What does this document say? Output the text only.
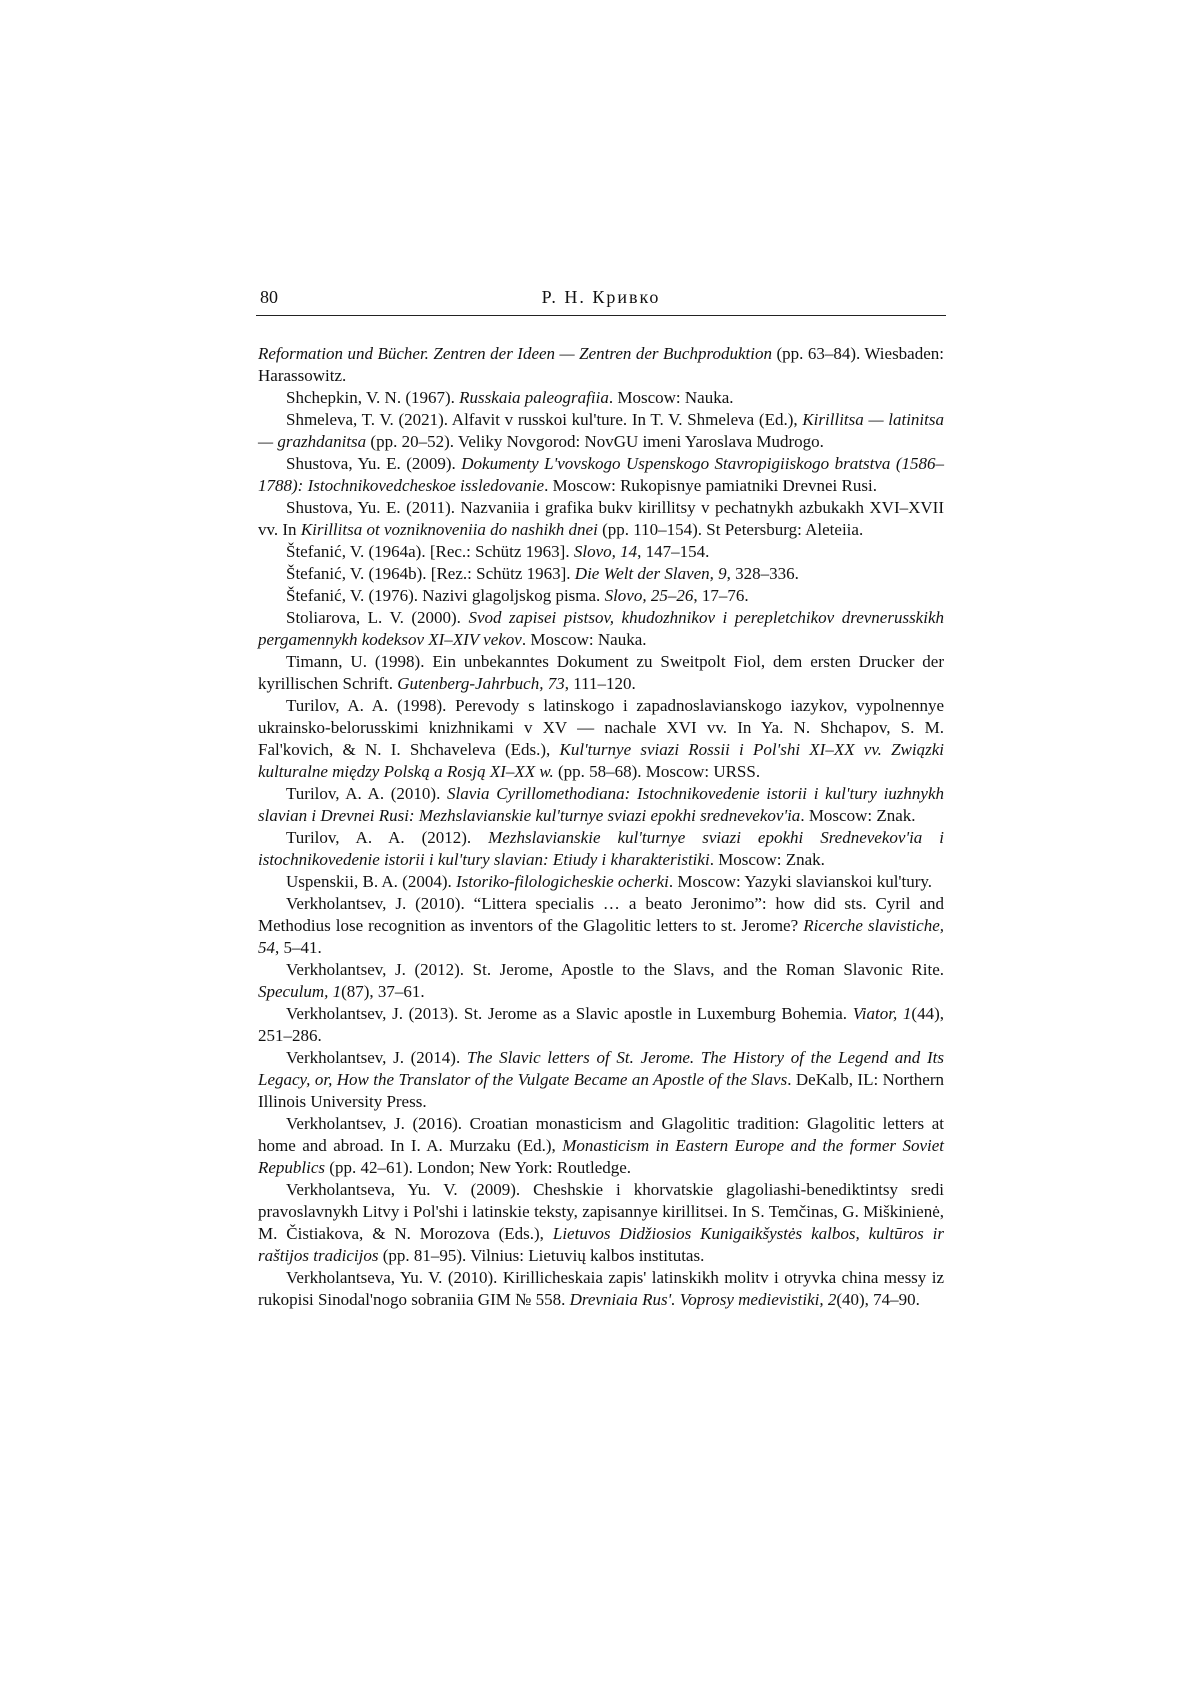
80	Р. Н. Кривко

Reformation und Bücher. Zentren der Ideen — Zentren der Buchproduktion (pp. 63–84). Wiesbaden: Harassowitz.

Shchepkin, V. N. (1967). Russkaia paleografiia. Moscow: Nauka.

Shmeleva, T. V. (2021). Alfavit v russkoi kul'ture. In T. V. Shmeleva (Ed.), Kirillitsa — latinitsa — grazhdanitsa (pp. 20–52). Veliky Novgorod: NovGU imeni Yaroslava Mudrogo.

Shustova, Yu. E. (2009). Dokumenty L'vovskogo Uspenskogo Stavropigiiskogo bratstva (1586–1788): Istochnikovedcheskoe issledovanie. Moscow: Rukopisnye pamiatniki Drevnei Rusi.

Shustova, Yu. E. (2011). Nazvaniia i grafika bukv kirillitsy v pechatnykh azbukakh XVI–XVII vv. In Kirillitsa ot vozniknoveniia do nashikh dnei (pp. 110–154). St Petersburg: Aleteiia.

Štefanić, V. (1964a). [Rec.: Schütz 1963]. Slovo, 14, 147–154.

Štefanić, V. (1964b). [Rez.: Schütz 1963]. Die Welt der Slaven, 9, 328–336.

Štefanić, V. (1976). Nazivi glagoljskog pisma. Slovo, 25–26, 17–76.

Stoliarova, L. V. (2000). Svod zapisei pistsov, khudozhnikov i perepletchikov drevnerusskikh pergamennykh kodeksov XI–XIV vekov. Moscow: Nauka.

Timann, U. (1998). Ein unbekanntes Dokument zu Sweitpolt Fiol, dem ersten Drucker der kyrillischen Schrift. Gutenberg-Jahrbuch, 73, 111–120.

Turilov, A. A. (1998). Perevody s latinskogo i zapadnoslavianskogo iazykov, vypolnennye ukrainsko-belorusskimi knizhnikami v XV — nachale XVI vv. In Ya. N. Shchapov, S. M. Fal'kovich, & N. I. Shchaveleva (Eds.), Kul'turnye sviazi Rossii i Pol'shi XI–XX vv. Związki kulturalne między Polską a Rosją XI–XX w. (pp. 58–68). Moscow: URSS.

Turilov, A. A. (2010). Slavia Cyrillomethodiana: Istochnikovedenie istorii i kul'tury iuzhnykh slavian i Drevnei Rusi: Mezhslavianskie kul'turnye sviazi epokhi srednevekov'ia. Moscow: Znak.

Turilov, A. A. (2012). Mezhslavianskie kul'turnye sviazi epokhi Srednevekov'ia i istochnikovedenie istorii i kul'tury slavian: Etiudy i kharakteristiki. Moscow: Znak.

Uspenskii, B. A. (2004). Istoriko-filologicheskie ocherki. Moscow: Yazyki slavianskoi kul'tury.

Verkholantsev, J. (2010). “Littera specialis … a beato Jeronimo”: how did sts. Cyril and Methodius lose recognition as inventors of the Glagolitic letters to st. Jerome? Ricerche slavistiche, 54, 5–41.

Verkholantsev, J. (2012). St. Jerome, Apostle to the Slavs, and the Roman Slavonic Rite. Speculum, 1(87), 37–61.

Verkholantsev, J. (2013). St. Jerome as a Slavic apostle in Luxemburg Bohemia. Viator, 1(44), 251–286.

Verkholantsev, J. (2014). The Slavic letters of St. Jerome. The History of the Legend and Its Legacy, or, How the Translator of the Vulgate Became an Apostle of the Slavs. DeKalb, IL: Northern Illinois University Press.

Verkholantsev, J. (2016). Croatian monasticism and Glagolitic tradition: Glagolitic letters at home and abroad. In I. A. Murzaku (Ed.), Monasticism in Eastern Europe and the former Soviet Republics (pp. 42–61). London; New York: Routledge.

Verkholantseva, Yu. V. (2009). Cheshskie i khorvatskie glagoliashi-benediktintsy sredi pravoslavnykh Litvy i Pol'shi i latinskie teksty, zapisannye kirillitsei. In S. Temčinas, G. Miškinienė, M. Čistiakova, & N. Morozova (Eds.), Lietuvos Didžiosios Kunigaikšystės kalbos, kultūros ir raštijos tradicijos (pp. 81–95). Vilnius: Lietuvių kalbos institutas.

Verkholantseva, Yu. V. (2010). Kirillicheskaia zapis' latinskikh molitv i otryvka china messy iz rukopisi Sinodal'nogo sobraniia GIM № 558. Drevniaia Rus'. Voprosy medievistiki, 2(40), 74–90.
